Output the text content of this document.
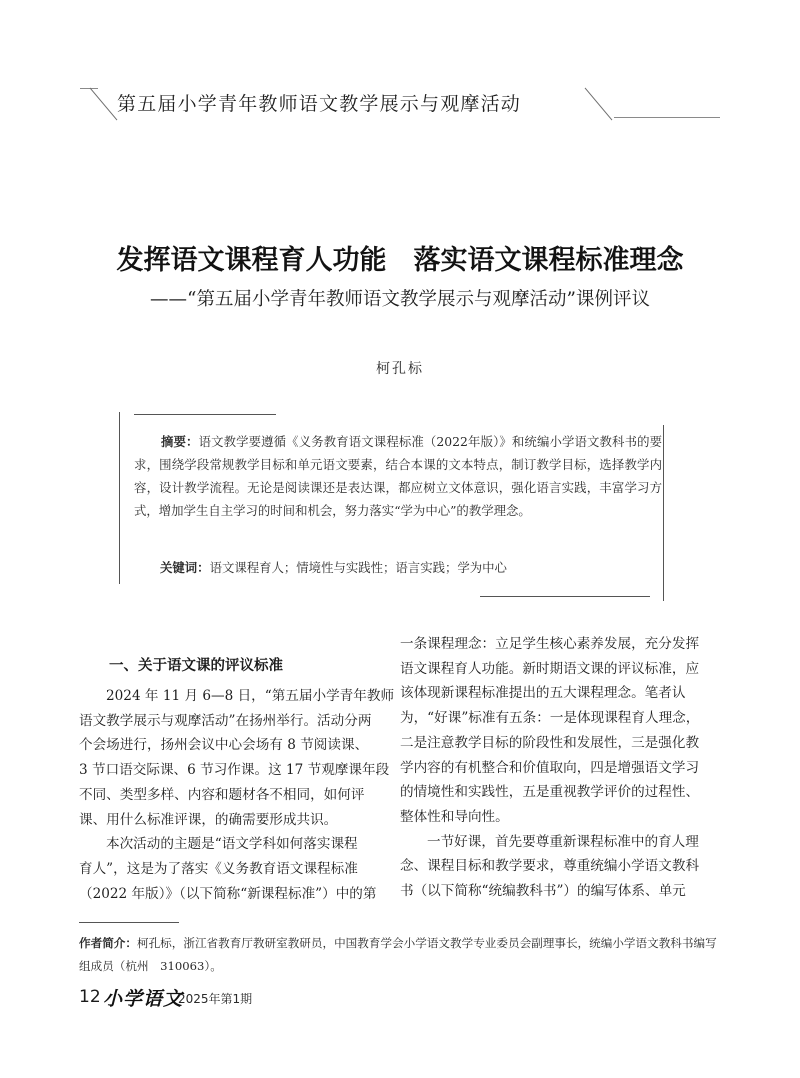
第五届小学青年教师语文教学展示与观摩活动
发挥语文课程育人功能　落实语文课程标准理念
——“第五届小学青年教师语文教学展示与观摩活动”课例评议
柯孔标
摘要：语文教学要遵循《义务教育语文课程标准（2022年版）》和统编小学语文教科书的要求，围绕学段常规教学目标和单元语文要素，结合本课的文本特点，制订教学目标，选择教学内容，设计教学流程。无论是阅读课还是表达课，都应树立文体意识，强化语言实践，丰富学习方式，增加学生自主学习的时间和机会，努力落实“学为中心”的教学理念。
关键词：语文课程育人；情境性与实践性；语言实践；学为中心
一、关于语文课的评议标准
2024 年 11 月 6—8 日，“第五届小学青年教师
语文教学展示与观摩活动”在扬州举行。活动分两
个会场进行，扬州会议中心会场有 8 节阅读课、
3 节口语交际课、6 节习作课。这 17 节观摩课年段
不同、类型多样、内容和题材各不相同，如何评
课、用什么标准评课，的确需要形成共识。
本次活动的主题是“语文学科如何落实课程
育人”，这是为了落实《义务教育语文课程标准
（2022 年版）》（以下简称“新课程标准”）中的第
一条课程理念：立足学生核心素养发展，充分发挥
语文课程育人功能。新时期语文课的评议标准，应
该体现新课程标准提出的五大课程理念。笔者认
为，“好课”标准有五条：一是体现课程育人理念，
二是注意教学目标的阶段性和发展性，三是强化教
学内容的有机整合和价值取向，四是增强语文学习
的情境性和实践性，五是重视教学评价的过程性、
整体性和导向性。
一节好课，首先要尊重新课程标准中的育人理
念、课程目标和教学要求，尊重统编小学语文教科
书（以下简称“统编教科书”）的编写体系、单元
作者简介：柯孔标，浙江省教育厅教研室教研员，中国教育学会小学语文教学专业委员会副理事长，统编小学语文教科书编写组成员（杭州　310063）。
12 小学语文
2025年第1期
